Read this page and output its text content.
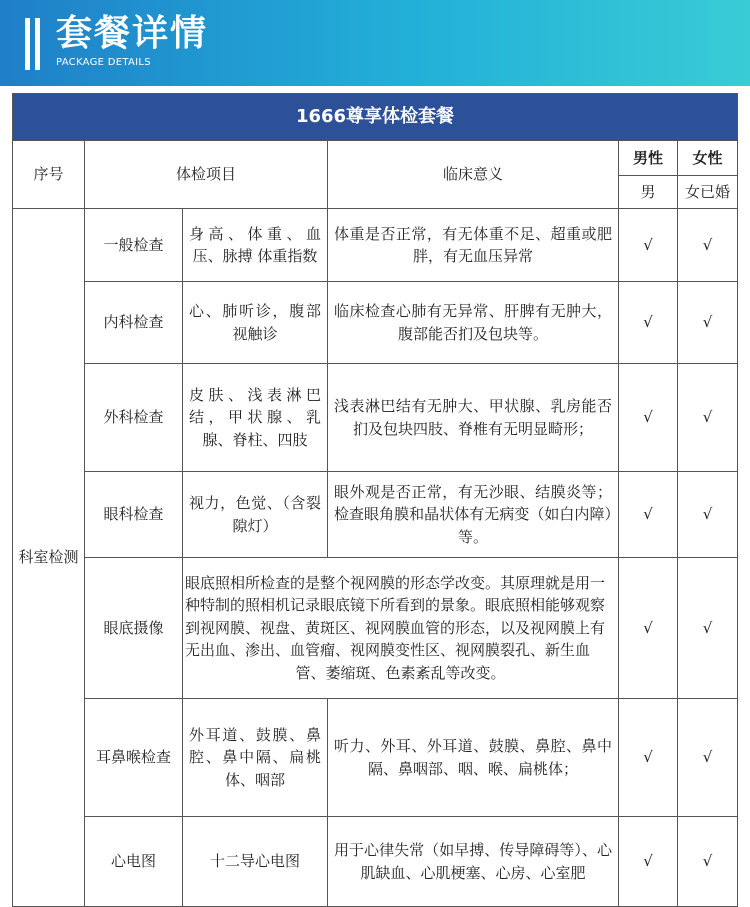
套餐详情
PACKAGE DETAILS
1666尊享体检套餐					
序号	体检项目		临床意义	男性	女性
				男	女已婚
科室检测	一般检查	身高、体重、血压、脉搏 体重指数	体重是否正常，有无体重不足、超重或肥胖，有无血压异常	√	√
	内科检查	心、肺听诊，腹部视触诊	临床检查心肺有无异常、肝脾有无肿大，腹部能否扪及包块等。	√	√
	外科检查	皮肤、浅表淋巴结，甲状腺、乳腺、脊柱、四肢	浅表淋巴结有无肿大、甲状腺、乳房能否扪及包块四肢、脊椎有无明显畸形；	√	√
	眼科检查	视力，色觉、（含裂隙灯）	眼外观是否正常，有无沙眼、结膜炎等；检查眼角膜和晶状体有无病变（如白内障）等。	√	√
	眼底摄像	眼底照相所检查的是整个视网膜的形态学改变。其原理就是用一种特制的照相机记录眼底镜下所看到的景象。眼底照相能够观察到视网膜、视盘、黄斑区、视网膜血管的形态，以及视网膜上有无出血、渗出、血管瘤、视网膜变性区、视网膜裂孔、新生血管、萎缩斑、色素紊乱等改变。		√	√
	耳鼻喉检查	外耳道、鼓膜、鼻腔、鼻中隔、扁桃体、咽部	听力、外耳、外耳道、鼓膜、鼻腔、鼻中隔、鼻咽部、咽、喉、扁桃体；	√	√
	心电图	十二导心电图	用于心律失常（如早搏、传导障碍等）、心肌缺血、心肌梗塞、心房、心室肥	√	√
